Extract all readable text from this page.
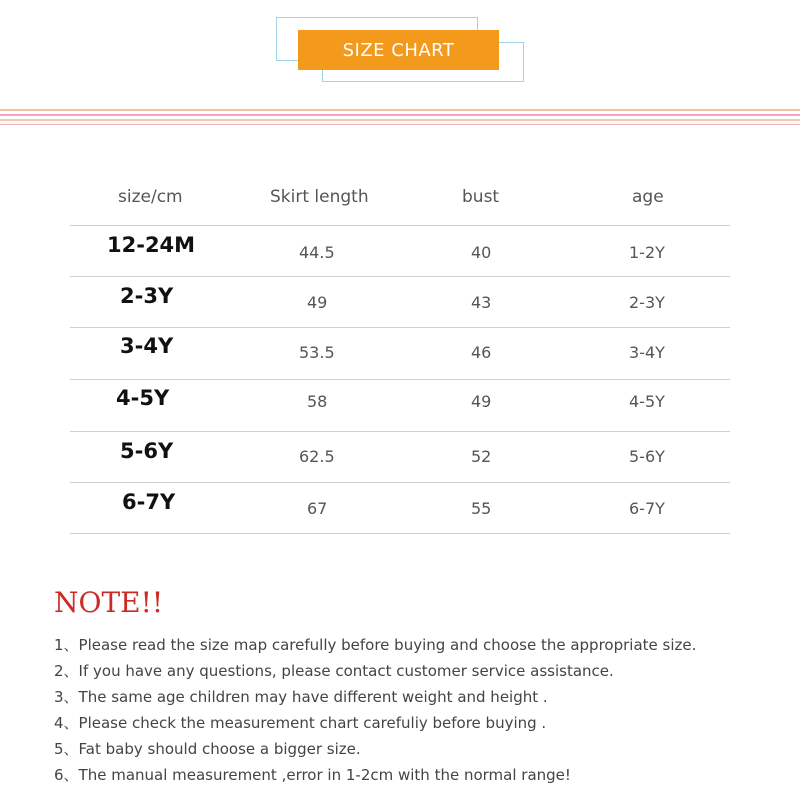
SIZE CHART
size/cm	Skirt length	bust	age
12-24M	44.5	40	1-2Y
2-3Y	49	43	2-3Y
3-4Y	53.5	46	3-4Y
4-5Y	58	49	4-5Y
5-6Y	62.5	52	5-6Y
6-7Y	67	55	6-7Y
NOTE!!
1、Please read the size map carefully before buying and choose the appropriate size.
2、If you have any questions, please contact customer service assistance.
3、The same age children may have different weight and height .
4、Please check the measurement chart carefuliy before buying .
5、Fat baby should choose a bigger size.
6、The manual measurement ,error in 1-2cm with the normal range!
